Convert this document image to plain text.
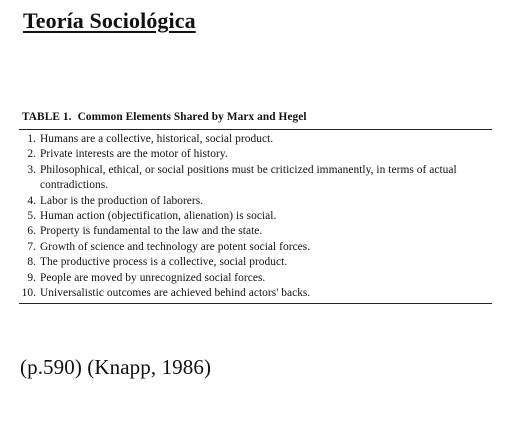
Teoría Sociológica
TABLE 1. Common Elements Shared by Marx and Hegel
1. Humans are a collective, historical, social product.
2. Private interests are the motor of history.
3. Philosophical, ethical, or social positions must be criticized immanently, in terms of actual contradictions.
4. Labor is the production of laborers.
5. Human action (objectification, alienation) is social.
6. Property is fundamental to the law and the state.
7. Growth of science and technology are potent social forces.
8. The productive process is a collective, social product.
9. People are moved by unrecognized social forces.
10. Universalistic outcomes are achieved behind actors' backs.
(p.590) (Knapp, 1986)
